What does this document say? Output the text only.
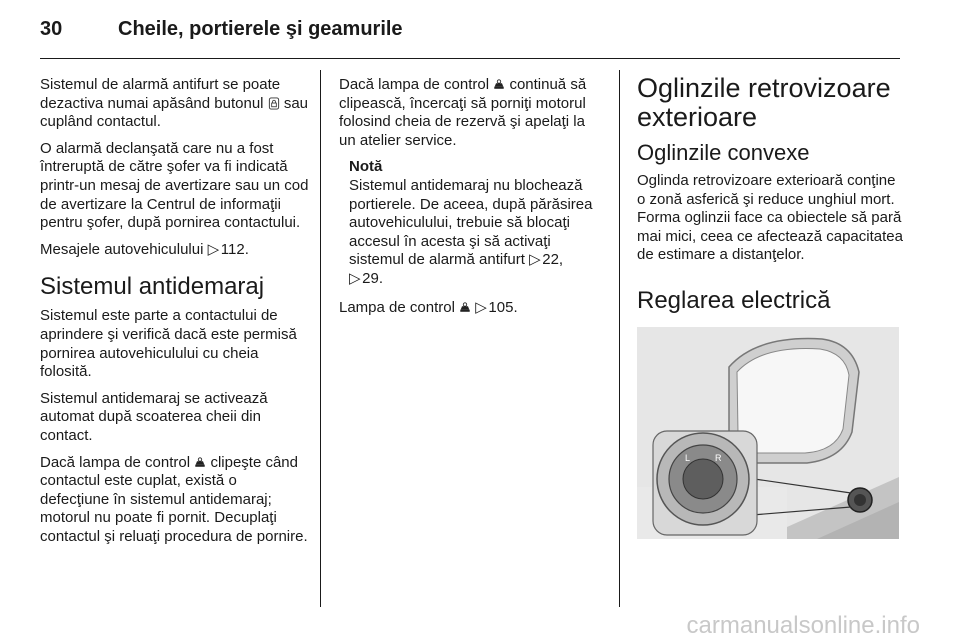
30	Cheile, portierele şi geamurile

Sistemul de alarmă antifurt se poate dezactiva numai apăsând butonul sau cuplând contactul.

O alarmă declanşată care nu a fost întreruptă de către şofer va fi indicată printr-un mesaj de avertizare sau un cod de avertizare la Centrul de informaţii pentru şofer, după pornirea contactului.

Mesajele autovehiculului ▷ 112.

Sistemul antidemaraj

Sistemul este parte a contactului de aprindere şi verifică dacă este permisă pornirea autovehiculului cu cheia folosită.

Sistemul antidemaraj se activează automat după scoaterea cheii din contact.

Dacă lampa de control clipeşte când contactul este cuplat, există o defecţiune în sistemul antidemaraj; motorul nu poate fi pornit. Decuplaţi contactul şi reluaţi procedura de pornire.

Dacă lampa de control continuă să clipească, încercaţi să porniţi motorul folosind cheia de rezervă şi apelaţi la un atelier service.

Notă
Sistemul antidemaraj nu blochează portierele. De aceea, după părăsirea autovehiculului, trebuie să blocaţi accesul în acesta şi să activaţi sistemul de alarmă antifurt ▷ 22,
▷ 29.

Lampa de control ▷ 105.

Oglinzile retrovizoare exterioare
Oglinzile convexe

Oglinda retrovizoare exterioară conţine o zonă asferică şi reduce unghiul mort. Forma oglinzii face ca obiectele să pară mai mici, ceea ce afectează capacitatea de estimare a distanţelor.

Reglarea electrică
L	R
carmanualsonline.info
